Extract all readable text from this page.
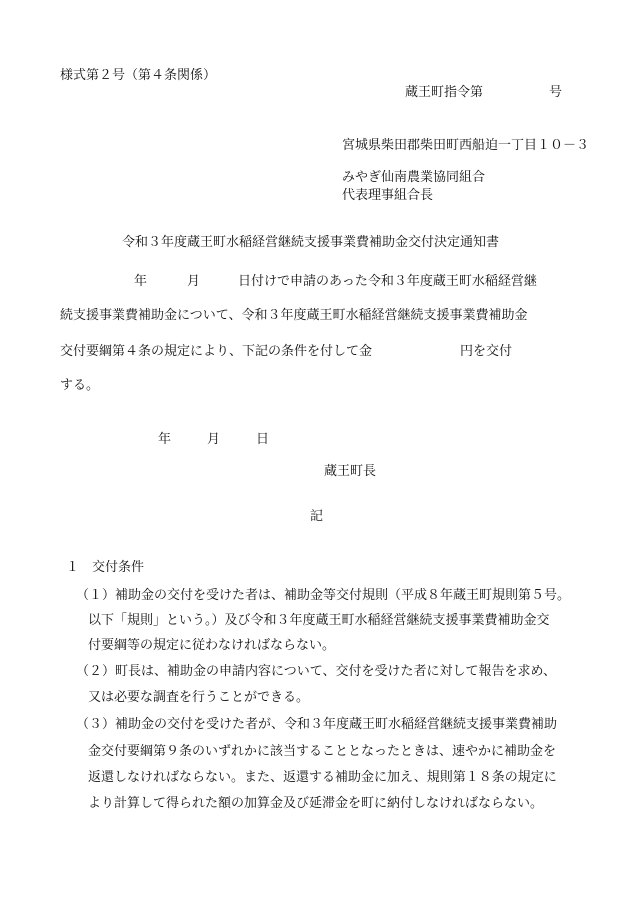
様式第２号（第４条関係）
蔵王町指令第	号
宮城県柴田郡柴田町西船迫一丁目１０－３
みやぎ仙南農業協同組合
代表理事組合長
令和３年度蔵王町水稲経営継続支援事業費補助金交付決定通知書
年	月	日付けで申請のあった令和３年度蔵王町水稲経営継
続支援事業費補助金について、令和３年度蔵王町水稲経営継続支援事業費補助金
交付要綱第４条の規定により、下記の条件を付して金	円を交付
する。
年	月	日
蔵王町長
記
１　交付条件
（１）補助金の交付を受けた者は、補助金等交付規則（平成８年蔵王町規則第５号。
以下「規則」という。）及び令和３年度蔵王町水稲経営継続支援事業費補助金交
付要綱等の規定に従わなければならない。
（２）町長は、補助金の申請内容について、交付を受けた者に対して報告を求め、
又は必要な調査を行うことができる。
（３）補助金の交付を受けた者が、令和３年度蔵王町水稲経営継続支援事業費補助
金交付要綱第９条のいずれかに該当することとなったときは、速やかに補助金を
返還しなければならない。また、返還する補助金に加え、規則第１８条の規定に
より計算して得られた額の加算金及び延滞金を町に納付しなければならない。
